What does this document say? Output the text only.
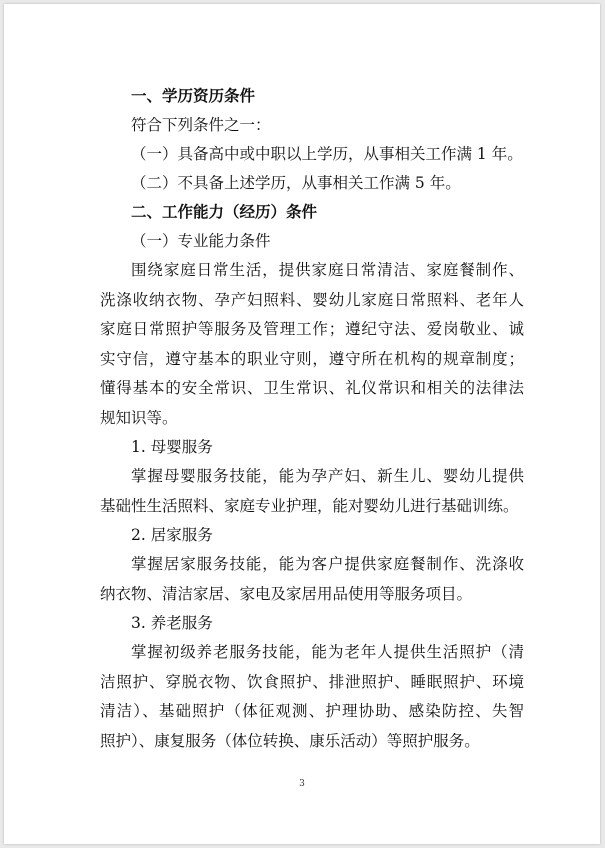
一、学历资历条件

符合下列条件之一：

（一）具备高中或中职以上学历，从事相关工作满 1 年。

（二）不具备上述学历，从事相关工作满 5 年。

二、工作能力（经历）条件

（一）专业能力条件

围绕家庭日常生活，提供家庭日常清洁、家庭餐制作、
洗涤收纳衣物、孕产妇照料、婴幼儿家庭日常照料、老年人
家庭日常照护等服务及管理工作；遵纪守法、爱岗敬业、诚
实守信，遵守基本的职业守则，遵守所在机构的规章制度；
懂得基本的安全常识、卫生常识、礼仪常识和相关的法律法
规知识等。

1. 母婴服务

掌握母婴服务技能，能为孕产妇、新生儿、婴幼儿提供
基础性生活照料、家庭专业护理，能对婴幼儿进行基础训练。

2. 居家服务

掌握居家服务技能，能为客户提供家庭餐制作、洗涤收
纳衣物、清洁家居、家电及家居用品使用等服务项目。

3. 养老服务

掌握初级养老服务技能，能为老年人提供生活照护（清
洁照护、穿脱衣物、饮食照护、排泄照护、睡眠照护、环境
清洁）、基础照护（体征观测、护理协助、感染防控、失智
照护）、康复服务（体位转换、康乐活动）等照护服务。
3
